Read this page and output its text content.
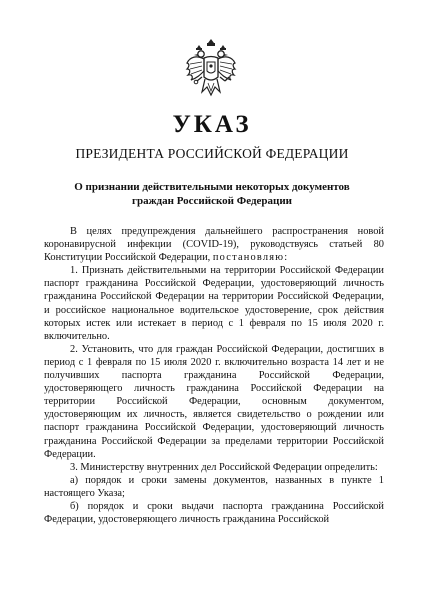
УКАЗ
ПРЕЗИДЕНТА РОССИЙСКОЙ ФЕДЕРАЦИИ
О признании действительными некоторых документов
граждан Российской Федерации

В целях предупреждения дальнейшего распространения новой коронавирусной инфекции (COVID-19), руководствуясь статьей 80 Конституции Российской Федерации, постановляю:

1. Признать действительными на территории Российской Федерации паспорт гражданина Российской Федерации, удостоверяющий личность гражданина Российской Федерации на территории Российской Федерации, и российское национальное водительское удостоверение, срок действия которых истек или истекает в период с 1 февраля по 15 июля 2020 г. включительно.

2. Установить, что для граждан Российской Федерации, достигших в период с 1 февраля по 15 июля 2020 г. включительно возраста 14 лет и не получивших паспорта гражданина Российской Федерации, удостоверяющего личность гражданина Российской Федерации на территории Российской Федерации, основным документом, удостоверяющим их личность, является свидетельство о рождении или паспорт гражданина Российской Федерации, удостоверяющий личность гражданина Российской Федерации за пределами территории Российской Федерации.

3. Министерству внутренних дел Российской Федерации определить:

а) порядок и сроки замены документов, названных в пункте 1 настоящего Указа;

б) порядок и сроки выдачи паспорта гражданина Российской Федерации, удостоверяющего личность гражданина Российской
